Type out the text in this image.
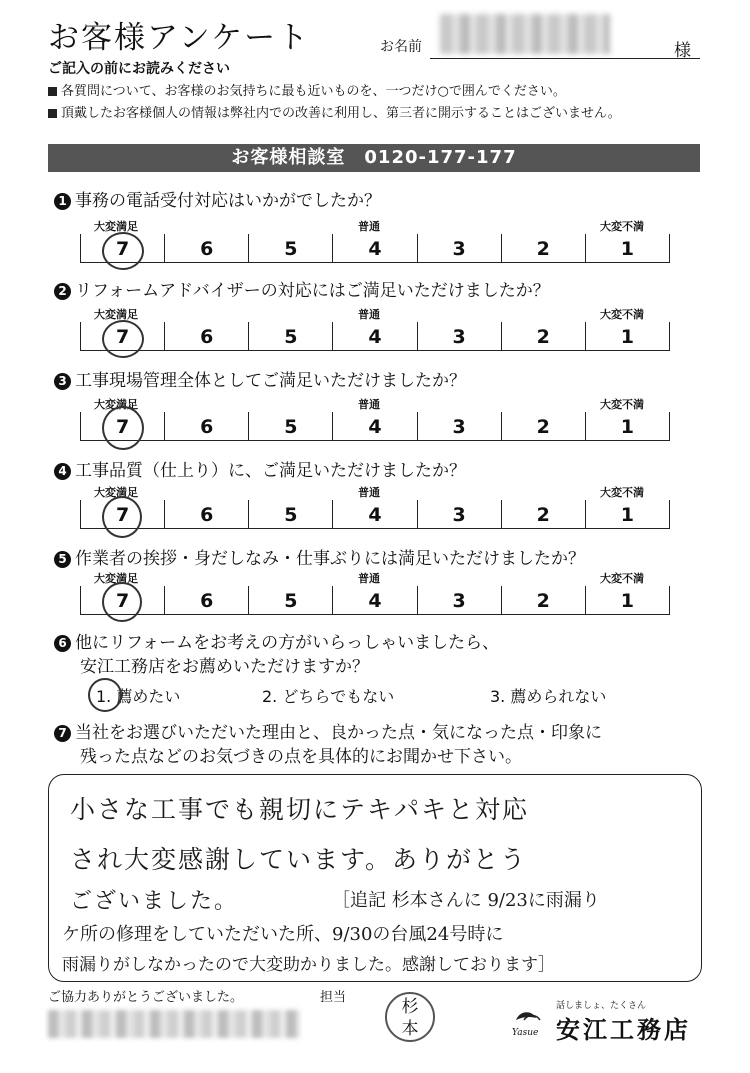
お客様アンケート	お名前	様
ご記入の前にお読みください
各質問について、お客様のお気持ちに最も近いものを、一つだけ○で囲んでください。
頂戴したお客様個人の情報は弊社内での改善に利用し、第三者に開示することはございません。
お客様相談室　0120-177-177
1 事務の電話受付対応はいかがでしたか？
大変満足	普通	大変不満
7	6	5	4	3	2	1
2 リフォームアドバイザーの対応にはご満足いただけましたか？
大変満足	普通	大変不満
7	6	5	4	3	2	1
3 工事現場管理全体としてご満足いただけましたか？
大変満足	普通	大変不満
7	6	5	4	3	2	1
4 工事品質（仕上り）に、ご満足いただけましたか？
大変満足	普通	大変不満
7	6	5	4	3	2	1
5 作業者の挨拶・身だしなみ・仕事ぶりには満足いただけましたか？
大変満足	普通	大変不満
7	6	5	4	3	2	1
6 他にリフォームをお考えの方がいらっしゃいましたら、
安江工務店をお薦めいただけますか？
1. 薦めたい	2. どちらでもない	3. 薦められない
7 当社をお選びいただいた理由と、良かった点・気になった点・印象に
残った点などのお気づきの点を具体的にお聞かせ下さい。
小さな工事でも親切にテキパキと対応
され大変感謝しています。ありがとう
ございました。	［追記 杉本さんに 9/23に雨漏り
ケ所の修理をしていただいた所、9/30の台風24号時に
雨漏りがしなかったので大変助かりました。感謝しております］
ご協力ありがとうございました。	担当	杉
本	Yasue
話しましょ、たくさん
安江工務店
